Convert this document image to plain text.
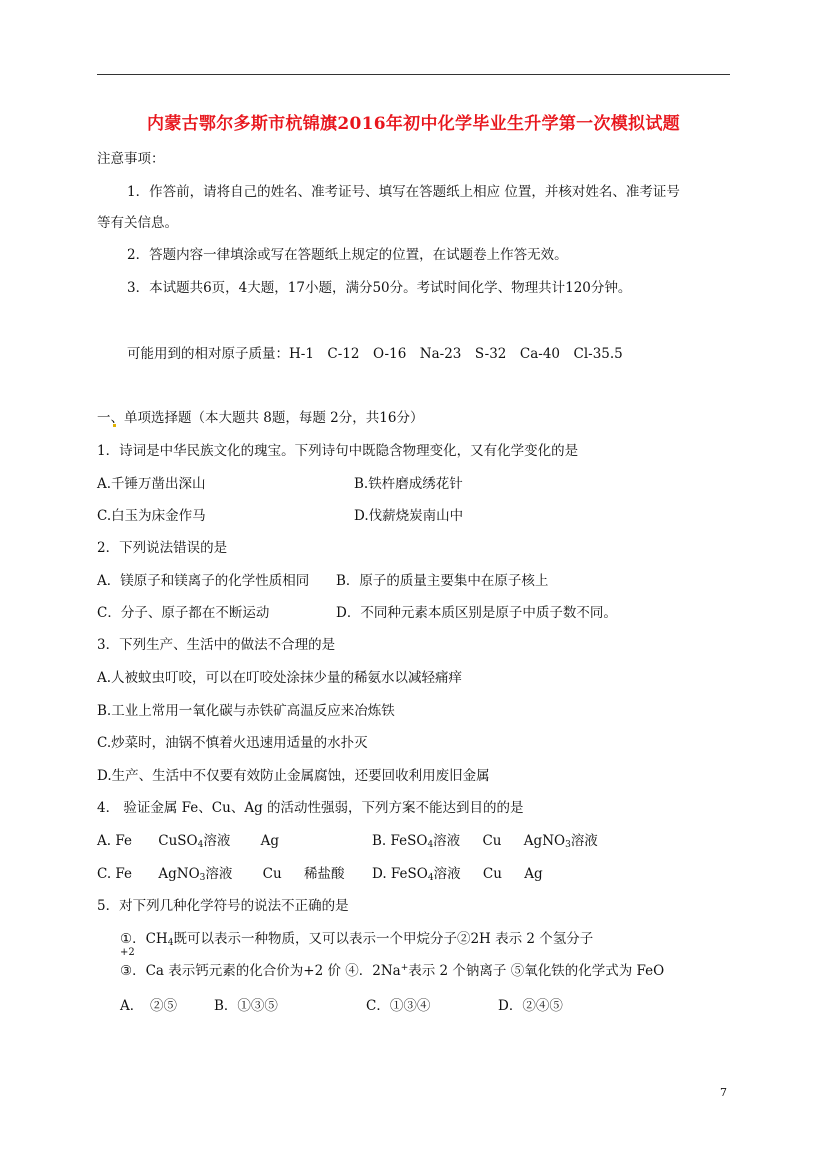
内蒙古鄂尔多斯市杭锦旗2016年初中化学毕业生升学第一次模拟试题
注意事项：
1．作答前，请将自己的姓名、准考证号、填写在答题纸上相应 位置，并核对姓名、准考证号
等有关信息。
2．答题内容一律填涂或写在答题纸上规定的位置，在试题卷上作答无效。
3．本试题共6页，4大题，17小题，满分50分。考试时间化学、物理共计120分钟。
可能用到的相对原子质量：H-1　C-12　O-16　Na-23　S-32　Ca-40　Cl-35.5
一、单项选择题（本大题共 8题，每题 2分，共16分）
1．诗词是中华民族文化的瑰宝。下列诗句中既隐含物理变化，又有化学变化的是
A.千锤万凿出深山	B.铁杵磨成绣花针
C.白玉为床金作马	D.伐薪烧炭南山中
2．下列说法错误的是
A．镁原子和镁离子的化学性质相同 B．原子的质量主要集中在原子核上
C．分子、原子都在不断运动	D．不同种元素本质区别是原子中质子数不同。
3．下列生产、生活中的做法不合理的是
A.人被蚊虫叮咬，可以在叮咬处涂抹少量的稀氨水以减轻痛痒
B.工业上常用一氧化碳与赤铁矿高温反应来冶炼铁
C.炒菜时，油锅不慎着火迅速用适量的水扑灭
D.生产、生活中不仅要有效防止金属腐蚀，还要回收利用废旧金属
4． 验证金属 Fe、Cu、Ag 的活动性强弱，下列方案不能达到目的的是
A. Fe CuSO$_4$溶液 Ag	B. FeSO$_4$溶液 Cu AgNO$_3$溶液
C. Fe AgNO$_3$溶液 Cu 稀盐酸 D. FeSO$_4$溶液 Cu Ag
5．对下列几种化学符号的说法不正确的是
①．$CH_4$既可以表示一种物质，又可以表示一个甲烷分子②2H 表示 2 个氢分子
+2
③．Ca 表示钙元素的化合价为+2 价 ④．2Na+表示 2 个钠离子 ⑤氧化铁的化学式为 FeO
A．　②⑤	B．①③⑤	C．①③④	D．②④⑤
7
